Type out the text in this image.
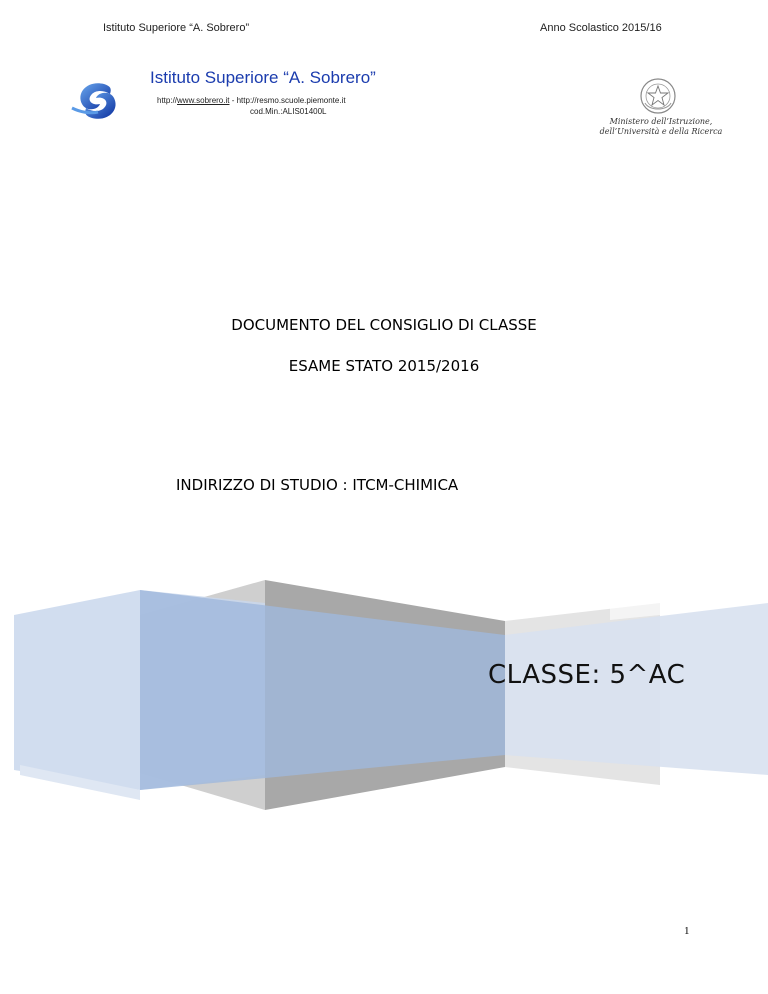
Istituto Superiore “A. Sobrero”	Anno Scolastico 2015/16
Istituto Superiore “A. Sobrero”
http://www.sobrero.it - http://resmo.scuole.piemonte.it
cod.Min.:ALIS01400L
Ministero dell’Istruzione,
dell’Università e della Ricerca
DOCUMENTO DEL CONSIGLIO DI CLASSE
ESAME STATO 2015/2016
INDIRIZZO DI STUDIO : ITCM-CHIMICA
CLASSE: 5^AC
1
